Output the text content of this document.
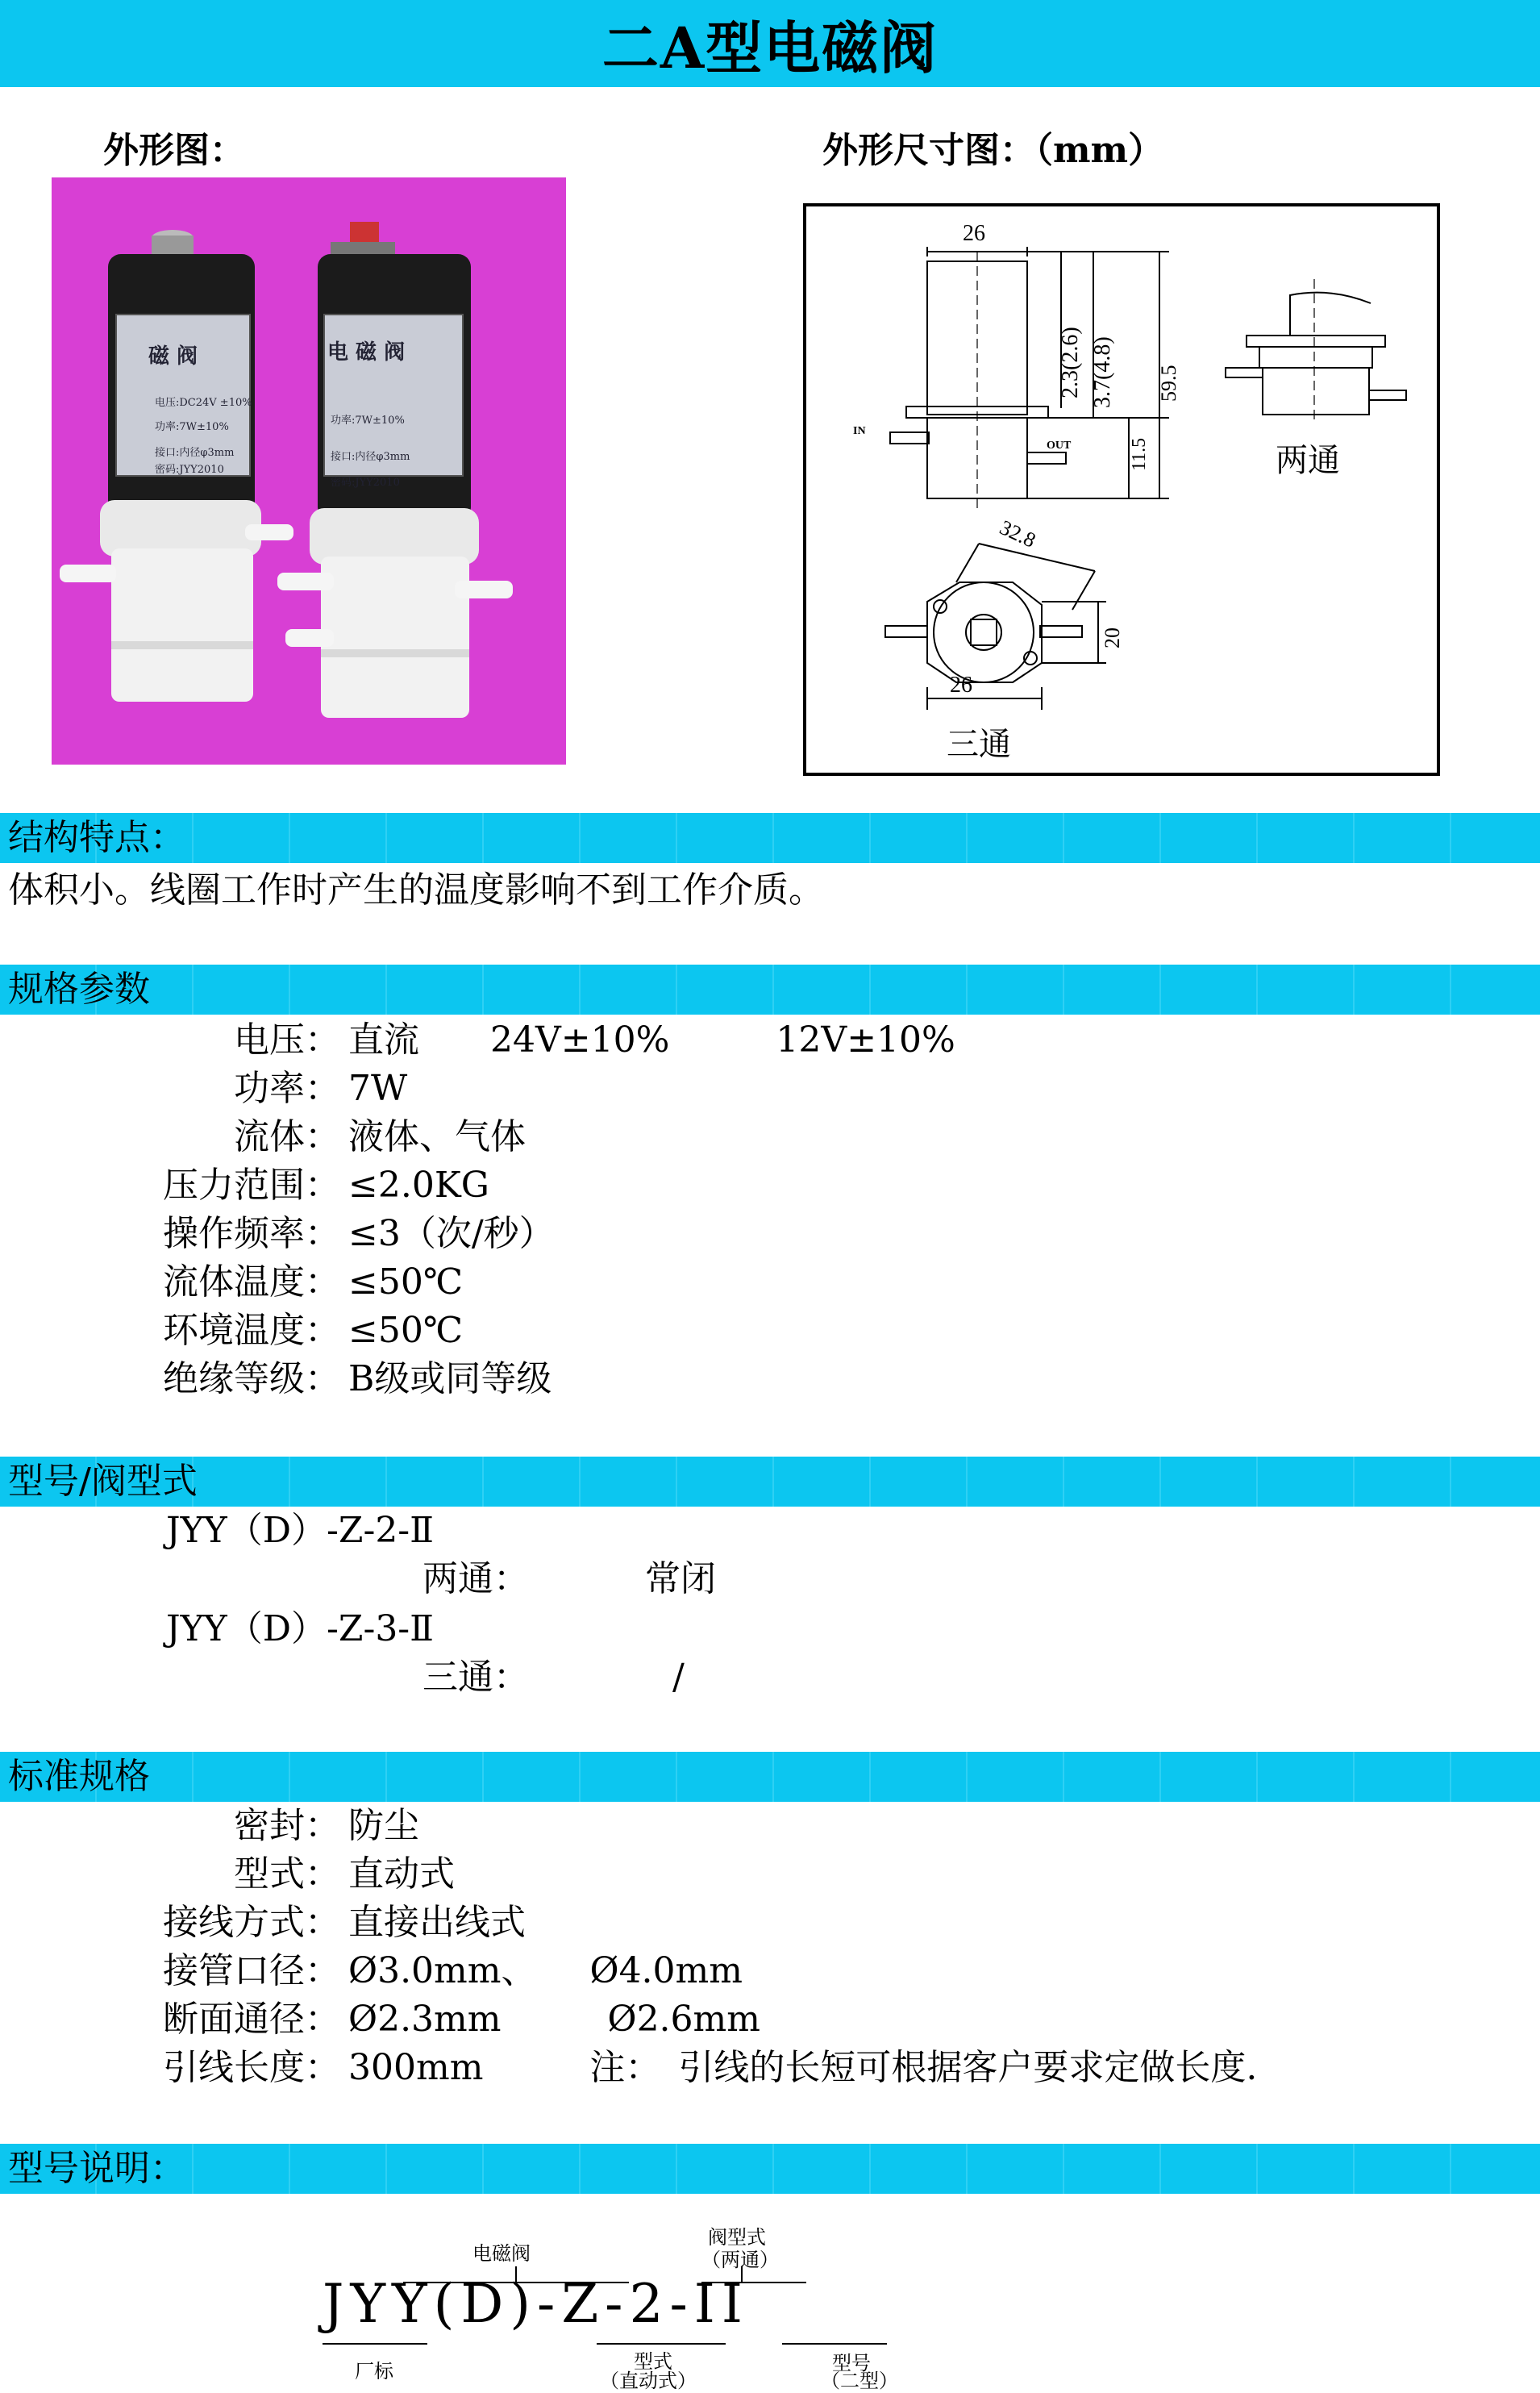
二A型电磁阀
外形图：	外形尺寸图：（mm）
磁 阀
电压:DC24V ±10%
功率:7W±10%
接口:内径φ3mm
密码:JYY2010
电 磁 阀
功率:7W±10%
接口:内径φ3mm
密码:JYY2010
26
2.3(2.6) 3.7(4.8) 59.5
11.5
32.8
20
26
IN
OUT	两通
三通
结构特点：
体积小。线圈工作时产生的温度影响不到工作介质。
规格参数
电压： 直流　　24V±10%　　　12V±10%
功率： 7W
流体： 液体、气体
压力范围： ≤2.0KG
操作频率： ≤3（次/秒）
流体温度： ≤50℃
环境温度： ≤50℃
绝缘等级： B级或同等级
型号/阀型式
JYY（D）-Z-2-Ⅱ
两通：	常闭
JYY（D）-Z-3-Ⅱ
三通：	/
标准规格
密封： 防尘
型式： 直动式
接线方式： 直接出线式
接管口径： Ø3.0mm、　　Ø4.0mm
断面通径： Ø2.3mm　　　Ø2.6mm
引线长度： 300mm　　　注：　引线的长短可根据客户要求定做长度.
型号说明：
电磁阀
阀型式
（两通）
JYY(D)-Z-2-II
厂标	型式
（直动式）
型号
（二型）
